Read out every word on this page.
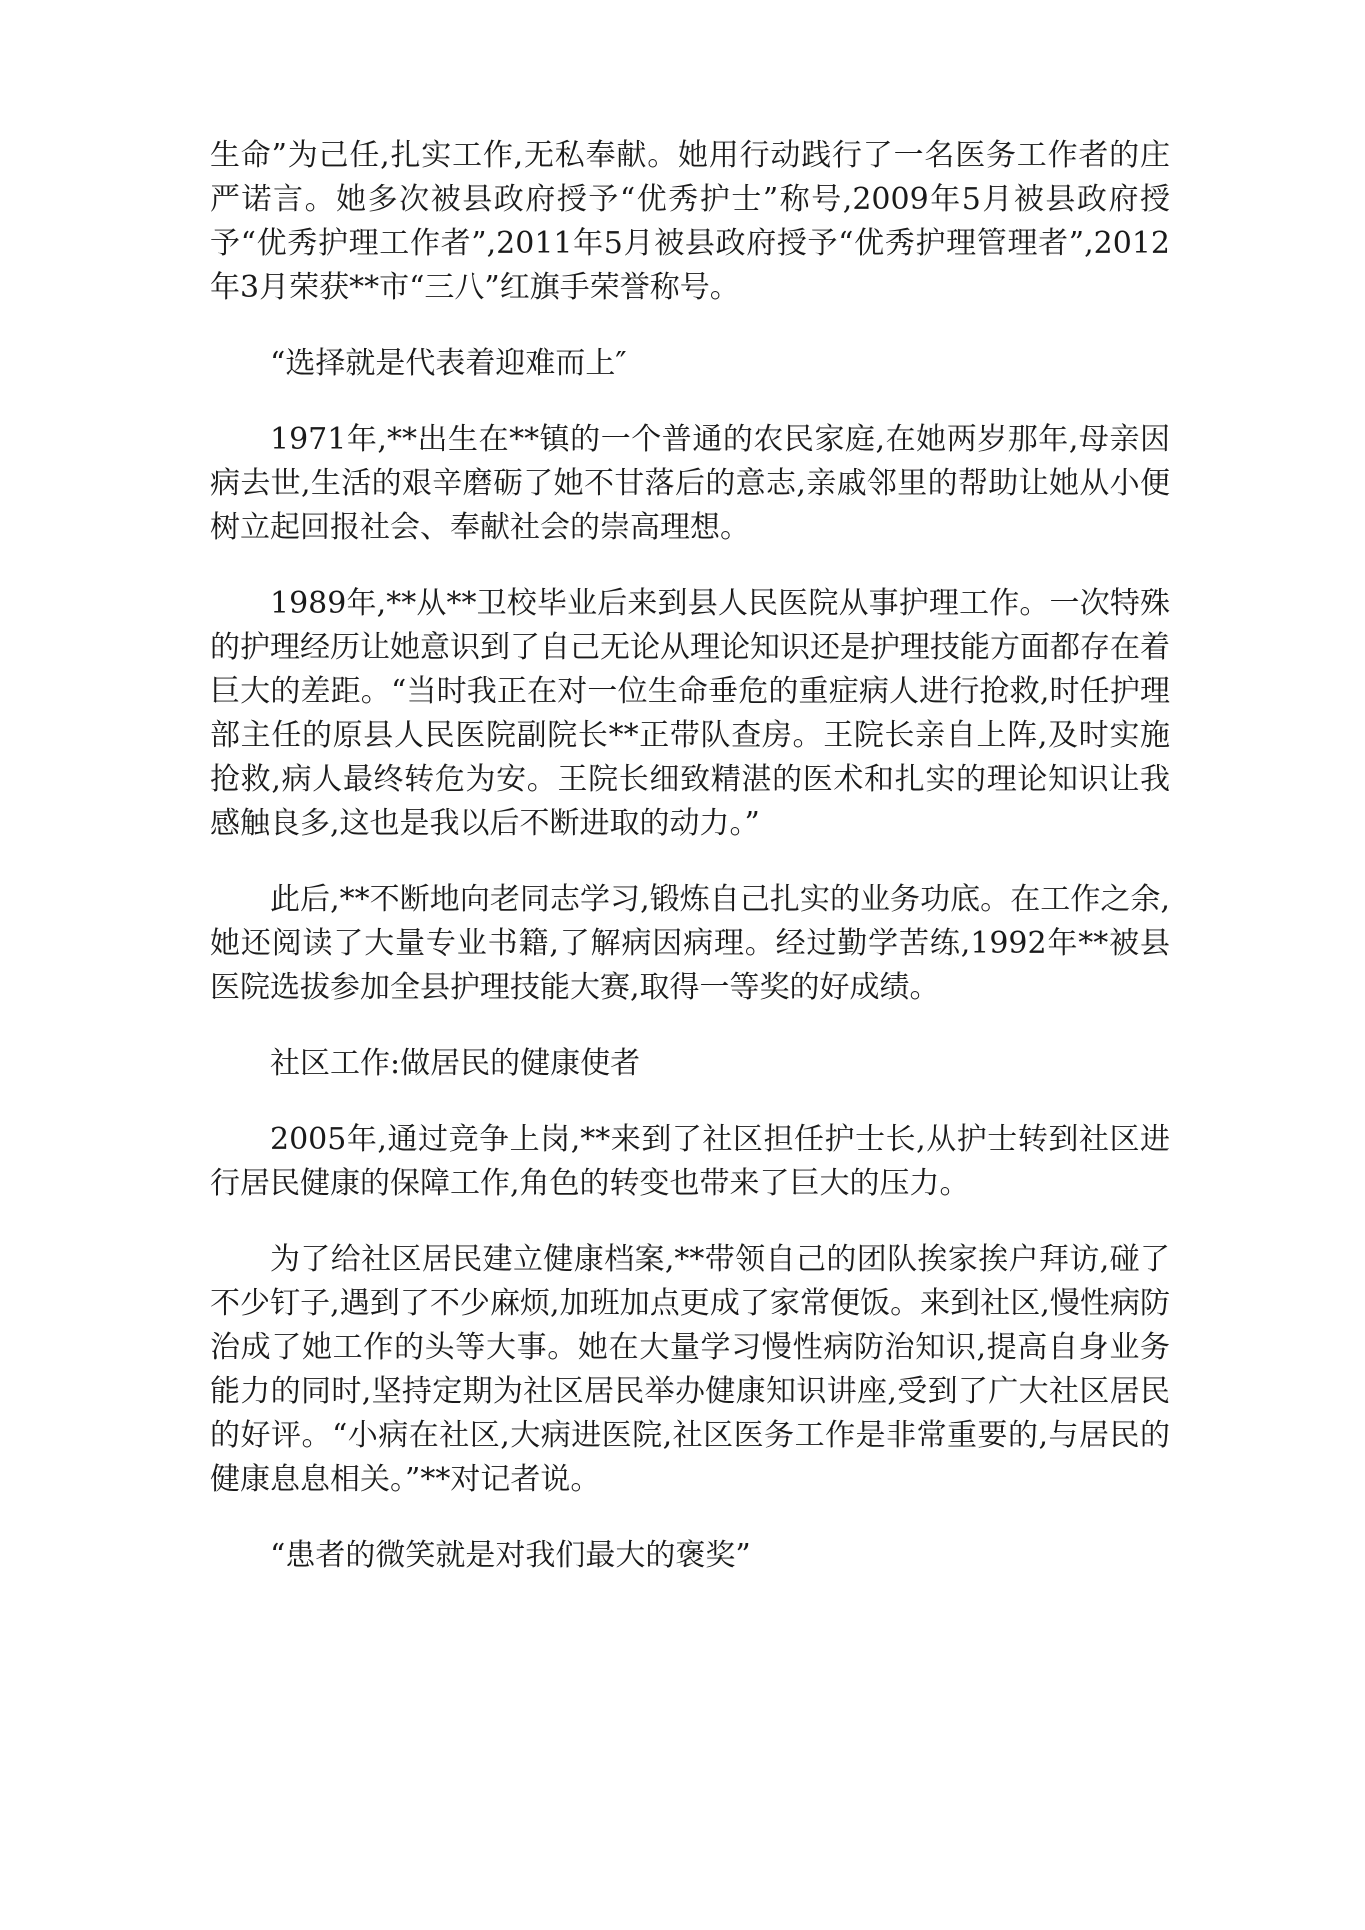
生命”为己任,扎实工作,无私奉献。她用行动践行了一名医务工作者的庄严诺言。她多次被县政府授予“优秀护士”称号,2009年5月被县政府授予“优秀护理工作者”,2011年5月被县政府授予“优秀护理管理者”,2012年3月荣获**市“三八”红旗手荣誉称号。

“选择就是代表着迎难而上″

1971年,**出生在**镇的一个普通的农民家庭,在她两岁那年,母亲因病去世,生活的艰辛磨砺了她不甘落后的意志,亲戚邻里的帮助让她从小便树立起回报社会、奉献社会的崇高理想。

1989年,**从**卫校毕业后来到县人民医院从事护理工作。一次特殊的护理经历让她意识到了自己无论从理论知识还是护理技能方面都存在着巨大的差距。“当时我正在对一位生命垂危的重症病人进行抢救,时任护理部主任的原县人民医院副院长**正带队查房。王院长亲自上阵,及时实施抢救,病人最终转危为安。王院长细致精湛的医术和扎实的理论知识让我感触良多,这也是我以后不断进取的动力。”

此后,**不断地向老同志学习,锻炼自己扎实的业务功底。在工作之余,她还阅读了大量专业书籍,了解病因病理。经过勤学苦练,1992年**被县医院选拔参加全县护理技能大赛,取得一等奖的好成绩。

社区工作:做居民的健康使者

2005年,通过竞争上岗,**来到了社区担任护士长,从护士转到社区进行居民健康的保障工作,角色的转变也带来了巨大的压力。

为了给社区居民建立健康档案,**带领自己的团队挨家挨户拜访,碰了不少钉子,遇到了不少麻烦,加班加点更成了家常便饭。来到社区,慢性病防治成了她工作的头等大事。她在大量学习慢性病防治知识,提高自身业务能力的同时,坚持定期为社区居民举办健康知识讲座,受到了广大社区居民的好评。“小病在社区,大病进医院,社区医务工作是非常重要的,与居民的健康息息相关。”**对记者说。

“患者的微笑就是对我们最大的褒奖”
